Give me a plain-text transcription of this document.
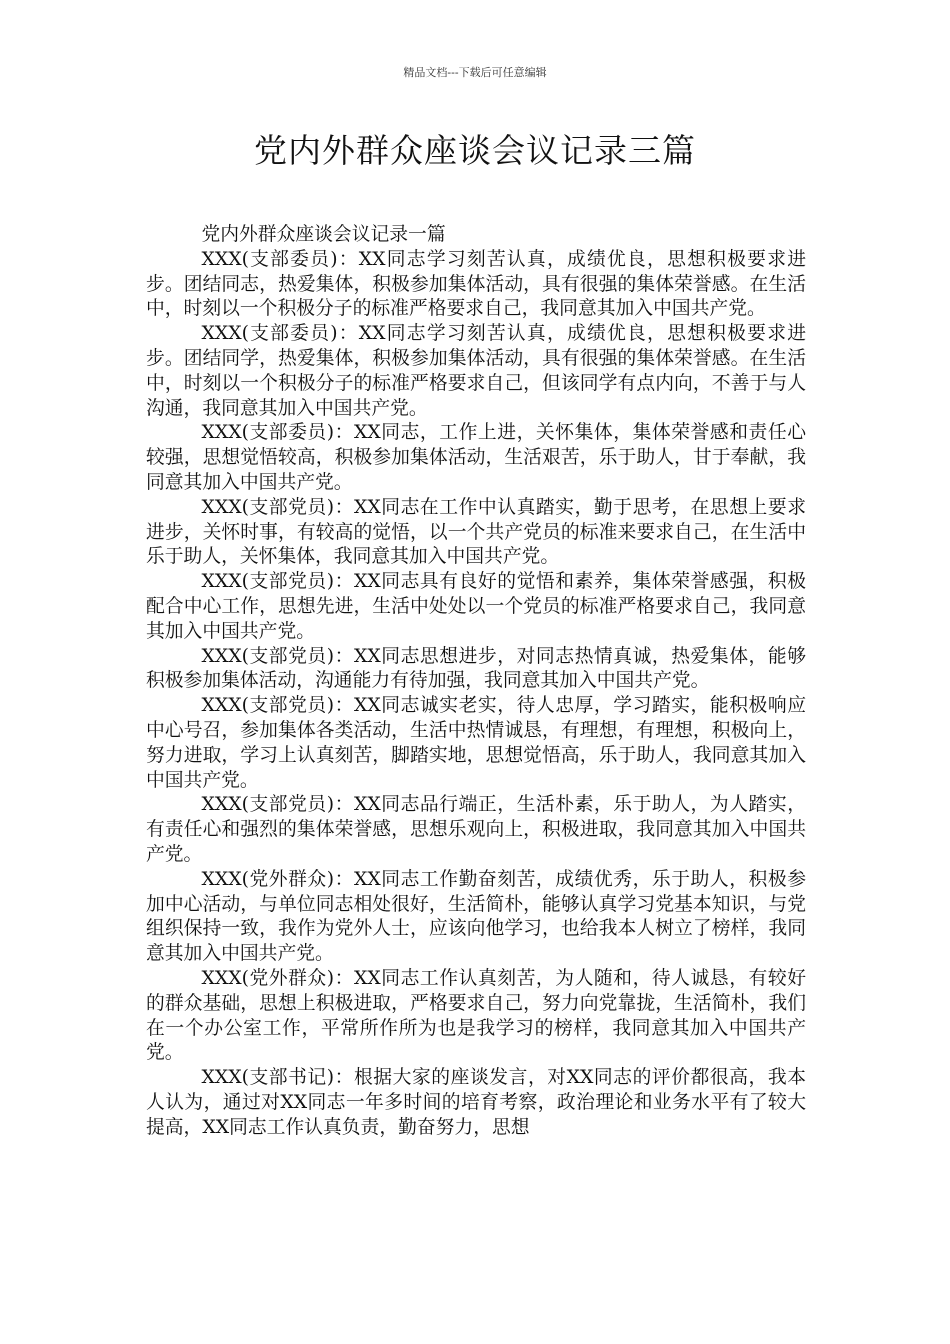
精品文档---下载后可任意编辑
党内外群众座谈会议记录三篇

党内外群众座谈会议记录一篇

XXX(支部委员)：XX同志学习刻苦认真，成绩优良，思想积极要求进步。团结同志，热爱集体，积极参加集体活动，具有很强的集体荣誉感。在生活中，时刻以一个积极分子的标准严格要求自己，我同意其加入中国共产党。

XXX(支部委员)：XX同志学习刻苦认真，成绩优良，思想积极要求进步。团结同学，热爱集体，积极参加集体活动，具有很强的集体荣誉感。在生活中，时刻以一个积极分子的标准严格要求自己，但该同学有点内向，不善于与人沟通，我同意其加入中国共产党。

XXX(支部委员)：XX同志，工作上进，关怀集体，集体荣誉感和责任心较强，思想觉悟较高，积极参加集体活动，生活艰苦，乐于助人，甘于奉献，我同意其加入中国共产党。

XXX(支部党员)：XX同志在工作中认真踏实，勤于思考，在思想上要求进步，关怀时事，有较高的觉悟，以一个共产党员的标准来要求自己，在生活中乐于助人，关怀集体，我同意其加入中国共产党。

XXX(支部党员)：XX同志具有良好的觉悟和素养，集体荣誉感强，积极配合中心工作，思想先进，生活中处处以一个党员的标准严格要求自己，我同意其加入中国共产党。

XXX(支部党员)：XX同志思想进步，对同志热情真诚，热爱集体，能够积极参加集体活动，沟通能力有待加强，我同意其加入中国共产党。

XXX(支部党员)：XX同志诚实老实，待人忠厚，学习踏实，能积极响应中心号召，参加集体各类活动，生活中热情诚恳，有理想，有理想，积极向上，努力进取，学习上认真刻苦，脚踏实地，思想觉悟高，乐于助人，我同意其加入中国共产党。

XXX(支部党员)：XX同志品行端正，生活朴素，乐于助人，为人踏实，有责任心和强烈的集体荣誉感，思想乐观向上，积极进取，我同意其加入中国共产党。

XXX(党外群众)：XX同志工作勤奋刻苦，成绩优秀，乐于助人，积极参加中心活动，与单位同志相处很好，生活简朴，能够认真学习党基本知识，与党组织保持一致，我作为党外人士，应该向他学习，也给我本人树立了榜样，我同意其加入中国共产党。

XXX(党外群众)：XX同志工作认真刻苦，为人随和，待人诚恳，有较好的群众基础，思想上积极进取，严格要求自己，努力向党靠拢，生活简朴，我们在一个办公室工作，平常所作所为也是我学习的榜样，我同意其加入中国共产党。

XXX(支部书记)：根据大家的座谈发言，对XX同志的评价都很高，我本人认为，通过对XX同志一年多时间的培育考察，政治理论和业务水平有了较大提高，XX同志工作认真负责，勤奋努力，思想
